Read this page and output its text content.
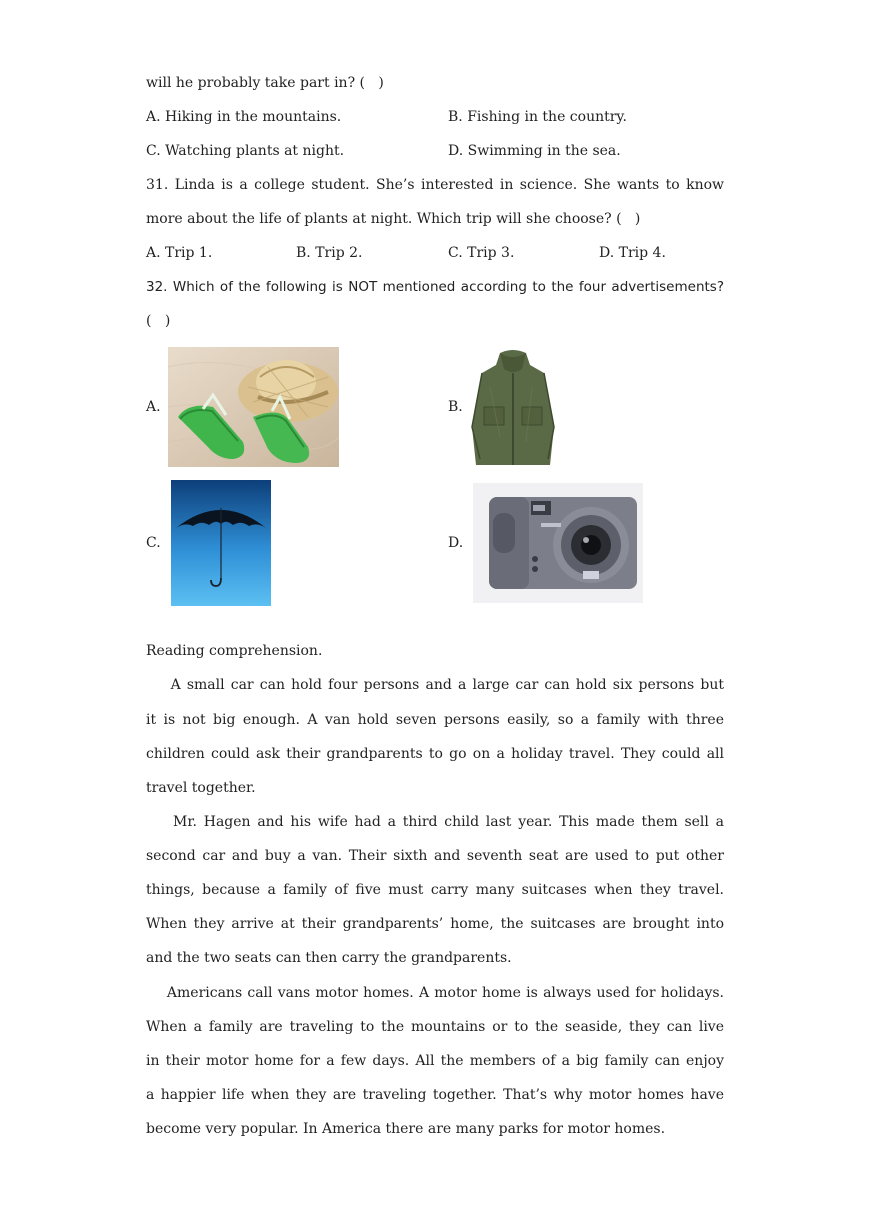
will he probably take part in? (   )
A. Hiking in the mountains.	B. Fishing in the country.
C. Watching plants at night.	D. Swimming in the sea.
31. Linda is a college student. She’s interested in science. She wants to know
more about the life of plants at night. Which trip will she choose? (   )
A. Trip 1.	B. Trip 2.	C. Trip 3.	D. Trip 4.
32. Which of the following is NOT mentioned according to the four advertisements?
(   )
A.	B.
C.	D.
Reading comprehension.
A small car can hold four persons and a large car can hold six persons but
it is not big enough. A van hold seven persons easily, so a family with three
children could ask their grandparents to go on a holiday travel. They could all
travel together.
Mr. Hagen and his wife had a third child last year. This made them sell a
second car and buy a van. Their sixth and seventh seat are used to put other
things, because a family of five must carry many suitcases when they travel.
When they arrive at their grandparents’ home, the suitcases are brought into
and the two seats can then carry the grandparents.
Americans call vans motor homes. A motor home is always used for holidays.
When a family are traveling to the mountains or to the seaside, they can live
in their motor home for a few days. All the members of a big family can enjoy
a happier life when they are traveling together. That’s why motor homes have
become very popular. In America there are many parks for motor homes.
